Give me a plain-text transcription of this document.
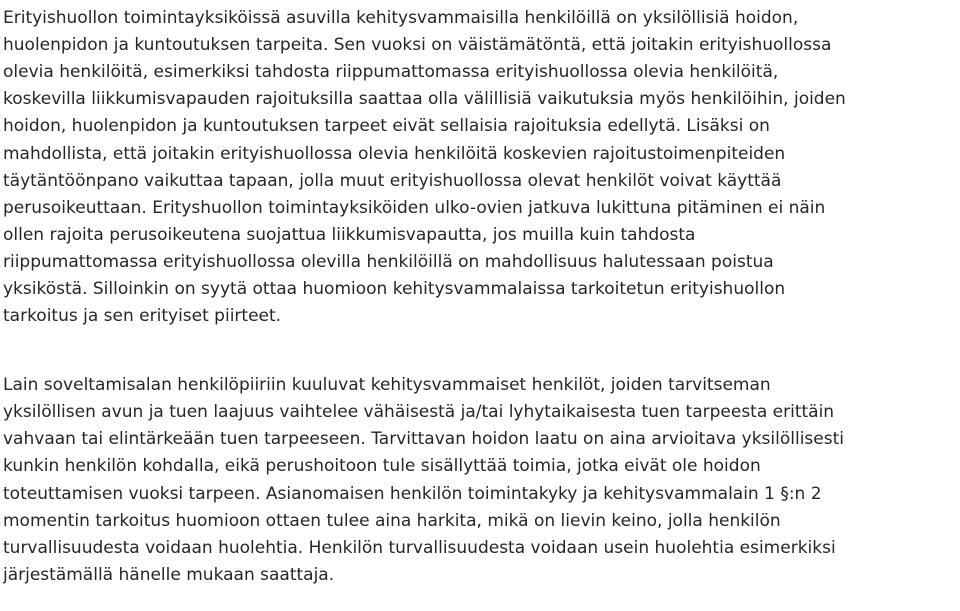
Erityishuollon toimintayksiköissä asuvilla kehitysvammaisilla henkilöillä on yksilöllisiä hoidon,
huolenpidon ja kuntoutuksen tarpeita. Sen vuoksi on väistämätöntä, että joitakin erityishuollossa
olevia henkilöitä, esimerkiksi tahdosta riippumattomassa erityishuollossa olevia henkilöitä,
koskevilla liikkumisvapauden rajoituksilla saattaa olla välillisiä vaikutuksia myös henkilöihin, joiden
hoidon, huolenpidon ja kuntoutuksen tarpeet eivät sellaisia rajoituksia edellytä. Lisäksi on
mahdollista, että joitakin erityishuollossa olevia henkilöitä koskevien rajoitustoimenpiteiden
täytäntöönpano vaikuttaa tapaan, jolla muut erityishuollossa olevat henkilöt voivat käyttää
perusoikeuttaan. Erityshuollon toimintayksiköiden ulko-ovien jatkuva lukittuna pitäminen ei näin
ollen rajoita perusoikeutena suojattua liikkumisvapautta, jos muilla kuin tahdosta
riippumattomassa erityishuollossa olevilla henkilöillä on mahdollisuus halutessaan poistua
yksiköstä. Silloinkin on syytä ottaa huomioon kehitysvammalaissa tarkoitetun erityishuollon
tarkoitus ja sen erityiset piirteet.
Lain soveltamisalan henkilöpiiriin kuuluvat kehitysvammaiset henkilöt, joiden tarvitseman
yksilöllisen avun ja tuen laajuus vaihtelee vähäisestä ja/tai lyhytaikaisesta tuen tarpeesta erittäin
vahvaan tai elintärkeään tuen tarpeeseen. Tarvittavan hoidon laatu on aina arvioitava yksilöllisesti
kunkin henkilön kohdalla, eikä perushoitoon tule sisällyttää toimia, jotka eivät ole hoidon
toteuttamisen vuoksi tarpeen. Asianomaisen henkilön toimintakyky ja kehitysvammalain 1 §:n 2
momentin tarkoitus huomioon ottaen tulee aina harkita, mikä on lievin keino, jolla henkilön
turvallisuudesta voidaan huolehtia. Henkilön turvallisuudesta voidaan usein huolehtia esimerkiksi
järjestämällä hänelle mukaan saattaja.
